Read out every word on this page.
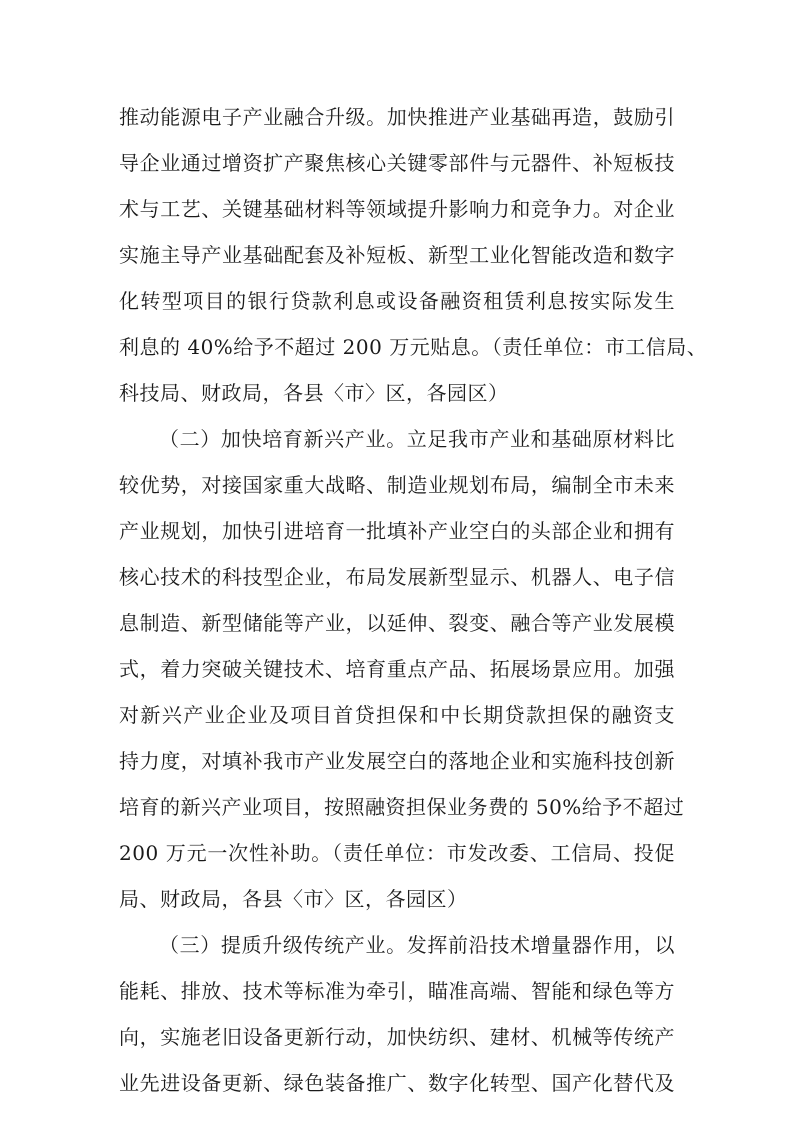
推动能源电子产业融合升级。加快推进产业基础再造，鼓励引
导企业通过增资扩产聚焦核心关键零部件与元器件、补短板技
术与工艺、关键基础材料等领域提升影响力和竞争力。对企业
实施主导产业基础配套及补短板、新型工业化智能改造和数字
化转型项目的银行贷款利息或设备融资租赁利息按实际发生
利息的 40%给予不超过 200 万元贴息。（责任单位：市工信局、
科技局、财政局，各县〈市〉区，各园区）
（二）加快培育新兴产业。立足我市产业和基础原材料比
较优势，对接国家重大战略、制造业规划布局，编制全市未来
产业规划，加快引进培育一批填补产业空白的头部企业和拥有
核心技术的科技型企业，布局发展新型显示、机器人、电子信
息制造、新型储能等产业，以延伸、裂变、融合等产业发展模
式，着力突破关键技术、培育重点产品、拓展场景应用。加强
对新兴产业企业及项目首贷担保和中长期贷款担保的融资支
持力度，对填补我市产业发展空白的落地企业和实施科技创新
培育的新兴产业项目，按照融资担保业务费的 50%给予不超过
200 万元一次性补助。（责任单位：市发改委、工信局、投促
局、财政局，各县〈市〉区，各园区）
（三）提质升级传统产业。发挥前沿技术增量器作用，以
能耗、排放、技术等标准为牵引，瞄准高端、智能和绿色等方
向，实施老旧设备更新行动，加快纺织、建材、机械等传统产
业先进设备更新、绿色装备推广、数字化转型、国产化替代及
